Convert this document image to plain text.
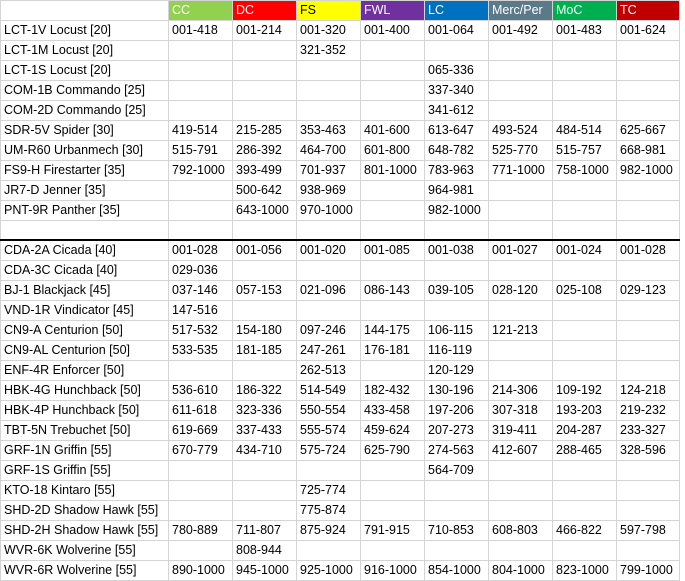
	CC	DC	FS	FWL	LC	Merc/Per	MoC	TC
LCT-1V Locust [20]	001-418	001-214	001-320	001-400	001-064	001-492	001-483	001-624
LCT-1M Locust [20]			321-352					
LCT-1S Locust [20]					065-336			
COM-1B Commando [25]					337-340			
COM-2D Commando [25]					341-612			
SDR-5V Spider [30]	419-514	215-285	353-463	401-600	613-647	493-524	484-514	625-667
UM-R60 Urbanmech [30]	515-791	286-392	464-700	601-800	648-782	525-770	515-757	668-981
FS9-H Firestarter [35]	792-1000	393-499	701-937	801-1000	783-963	771-1000	758-1000	982-1000
JR7-D Jenner [35]		500-642	938-969		964-981			
PNT-9R Panther [35]		643-1000	970-1000		982-1000			

CDA-2A Cicada [40]	001-028	001-056	001-020	001-085	001-038	001-027	001-024	001-028
CDA-3C Cicada [40]	029-036							
BJ-1 Blackjack [45]	037-146	057-153	021-096	086-143	039-105	028-120	025-108	029-123
VND-1R Vindicator [45]	147-516							
CN9-A Centurion [50]	517-532	154-180	097-246	144-175	106-115	121-213		
CN9-AL Centurion [50]	533-535	181-185	247-261	176-181	116-119			
ENF-4R Enforcer [50]			262-513		120-129			
HBK-4G Hunchback [50]	536-610	186-322	514-549	182-432	130-196	214-306	109-192	124-218
HBK-4P Hunchback [50]	611-618	323-336	550-554	433-458	197-206	307-318	193-203	219-232
TBT-5N Trebuchet [50]	619-669	337-433	555-574	459-624	207-273	319-411	204-287	233-327
GRF-1N Griffin [55]	670-779	434-710	575-724	625-790	274-563	412-607	288-465	328-596
GRF-1S Griffin [55]					564-709			
KTO-18 Kintaro [55]			725-774					
SHD-2D Shadow Hawk [55]			775-874					
SHD-2H Shadow Hawk [55]	780-889	711-807	875-924	791-915	710-853	608-803	466-822	597-798
WVR-6K Wolverine [55]		808-944						
WVR-6R Wolverine [55]	890-1000	945-1000	925-1000	916-1000	854-1000	804-1000	823-1000	799-1000
